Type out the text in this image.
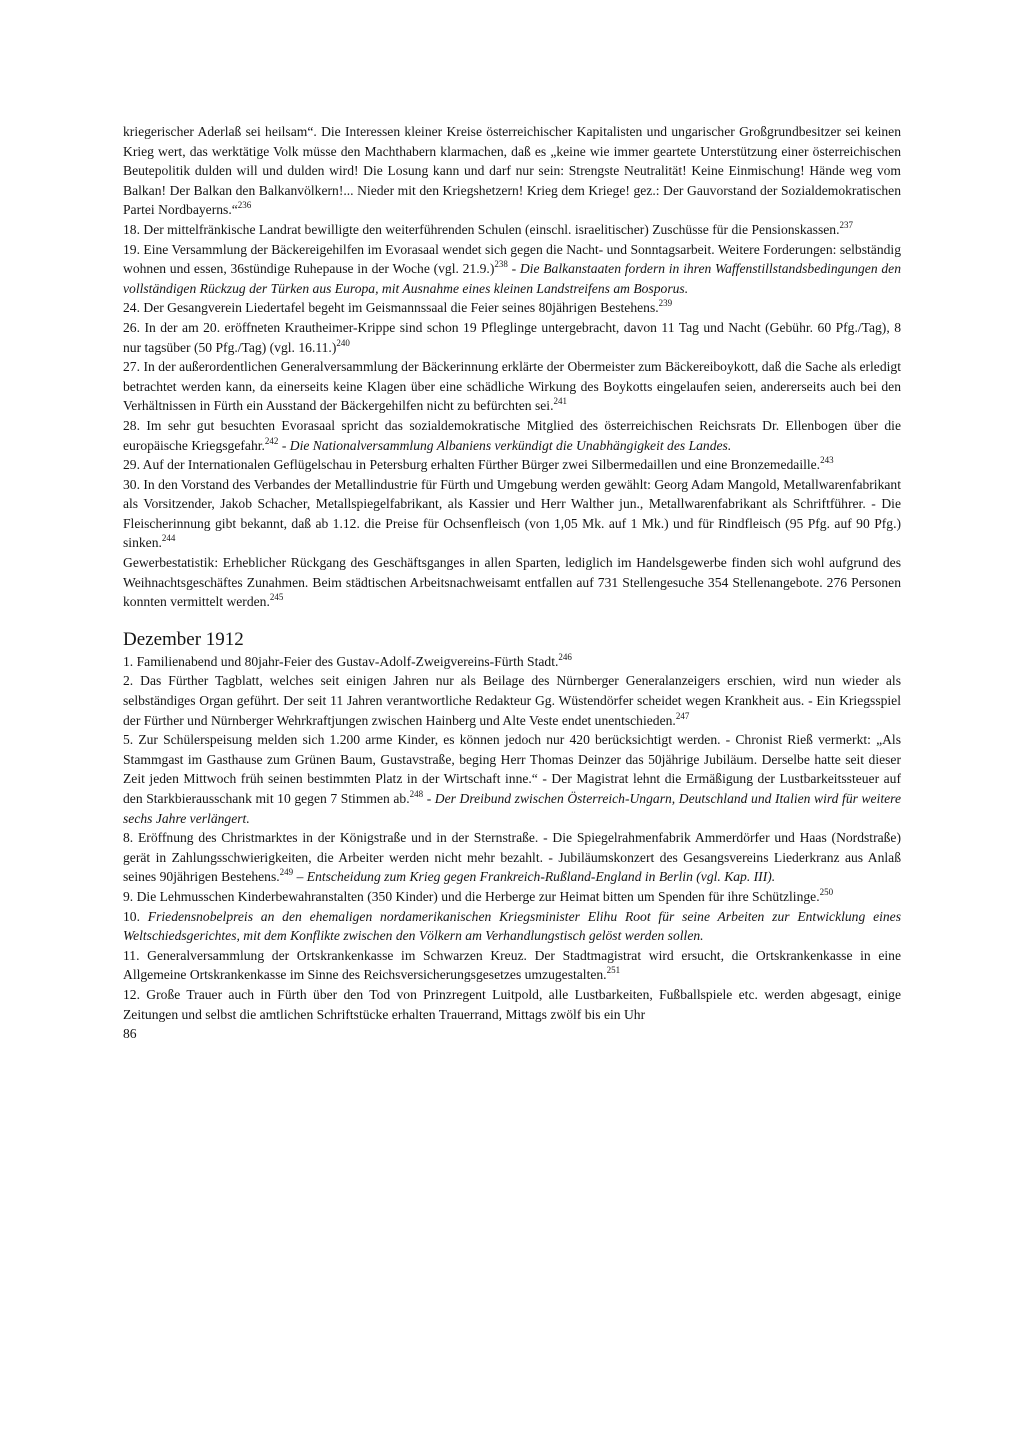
kriegerischer Aderlaß sei heilsam“. Die Interessen kleiner Kreise österreichischer Kapitalisten und ungarischer Großgrundbesitzer sei keinen Krieg wert, das werktätige Volk müsse den Machthabern klarmachen, daß es „keine wie immer geartete Unterstützung einer österreichischen Beutepolitik dulden will und dulden wird! Die Losung kann und darf nur sein: Strengste Neutralität! Keine Einmischung! Hände weg vom Balkan! Der Balkan den Balkanvölkern!... Nieder mit den Kriegshetzern! Krieg dem Kriege! gez.: Der Gauvorstand der Sozialdemokratischen Partei Nordbayerns.“$^{236}$

18. Der mittelfränkische Landrat bewilligte den weiterführenden Schulen (einschl. israelitischer) Zuschüsse für die Pensionskassen.$^{237}$

19. Eine Versammlung der Bäckereigehilfen im Evorasaal wendet sich gegen die Nacht- und Sonntagsarbeit. Weitere Forderungen: selbständig wohnen und essen, 36stündige Ruhepause in der Woche (vgl. 21.9.)$^{238}$ - Die Balkanstaaten fordern in ihren Waffenstillstandsbedingungen den vollständigen Rückzug der Türken aus Europa, mit Ausnahme eines kleinen Landstreifens am Bosporus.

24. Der Gesangverein Liedertafel begeht im Geismannssaal die Feier seines 80jährigen Bestehens.$^{239}$

26. In der am 20. eröffneten Krautheimer-Krippe sind schon 19 Pfleglinge untergebracht, davon 11 Tag und Nacht (Gebühr. 60 Pfg./Tag), 8 nur tagsüber (50 Pfg./Tag) (vgl. 16.11.)$^{240}$

27. In der außerordentlichen Generalversammlung der Bäckerinnung erklärte der Obermeister zum Bäckereiboykott, daß die Sache als erledigt betrachtet werden kann, da einerseits keine Klagen über eine schädliche Wirkung des Boykotts eingelaufen seien, andererseits auch bei den Verhältnissen in Fürth ein Ausstand der Bäckergehilfen nicht zu befürchten sei.$^{241}$

28. Im sehr gut besuchten Evorasaal spricht das sozialdemokratische Mitglied des österreichischen Reichsrats Dr. Ellenbogen über die europäische Kriegsgefahr.$^{242}$ - Die Nationalversammlung Albaniens verkündigt die Unabhängigkeit des Landes.

29. Auf der Internationalen Geflügelschau in Petersburg erhalten Fürther Bürger zwei Silbermedaillen und eine Bronzemedaille.$^{243}$

30. In den Vorstand des Verbandes der Metallindustrie für Fürth und Umgebung werden gewählt: Georg Adam Mangold, Metallwarenfabrikant als Vorsitzender, Jakob Schacher, Metallspiegelfabrikant, als Kassier und Herr Walther jun., Metallwarenfabrikant als Schriftführer. - Die Fleischerinnung gibt bekannt, daß ab 1.12. die Preise für Ochsenfleisch (von 1,05 Mk. auf 1 Mk.) und für Rindfleisch (95 Pfg. auf 90 Pfg.) sinken.$^{244}$

Gewerbestatistik: Erheblicher Rückgang des Geschäftsganges in allen Sparten, lediglich im Handelsgewerbe finden sich wohl aufgrund des Weihnachtsgeschäftes Zunahmen. Beim städtischen Arbeitsnachweisamt entfallen auf 731 Stellengesuche 354 Stellenangebote. 276 Personen konnten vermittelt werden.$^{245}$

Dezember 1912

1. Familienabend und 80jahr-Feier des Gustav-Adolf-Zweigvereins-Fürth Stadt.$^{246}$

2. Das Fürther Tagblatt, welches seit einigen Jahren nur als Beilage des Nürnberger Generalanzeigers erschien, wird nun wieder als selbständiges Organ geführt. Der seit 11 Jahren verantwortliche Redakteur Gg. Wüstendörfer scheidet wegen Krankheit aus. - Ein Kriegsspiel der Fürther und Nürnberger Wehrkraftjungen zwischen Hainberg und Alte Veste endet unentschieden.$^{247}$

5. Zur Schülerspeisung melden sich 1.200 arme Kinder, es können jedoch nur 420 berücksichtigt werden. - Chronist Rieß vermerkt: „Als Stammgast im Gasthause zum Grünen Baum, Gustavstraße, beging Herr Thomas Deinzer das 50jährige Jubiläum. Derselbe hatte seit dieser Zeit jeden Mittwoch früh seinen bestimmten Platz in der Wirtschaft inne.“ - Der Magistrat lehnt die Ermäßigung der Lustbarkeitssteuer auf den Starkbierausschank mit 10 gegen 7 Stimmen ab.$^{248}$ - Der Dreibund zwischen Österreich-Ungarn, Deutschland und Italien wird für weitere sechs Jahre verlängert.

8. Eröffnung des Christmarktes in der Königstraße und in der Sternstraße. - Die Spiegelrahmenfabrik Ammerdörfer und Haas (Nordstraße) gerät in Zahlungsschwierigkeiten, die Arbeiter werden nicht mehr bezahlt. - Jubiläumskonzert des Gesangsvereins Liederkranz aus Anlaß seines 90jährigen Bestehens.$^{249}$ – Entscheidung zum Krieg gegen Frankreich-Rußland-England in Berlin (vgl. Kap. III).

9. Die Lehmusschen Kinderbewahranstalten (350 Kinder) und die Herberge zur Heimat bitten um Spenden für ihre Schützlinge.$^{250}$

10. Friedensnobelpreis an den ehemaligen nordamerikanischen Kriegsminister Elihu Root für seine Arbeiten zur Entwicklung eines Weltschiedsgerichtes, mit dem Konflikte zwischen den Völkern am Verhandlungstisch gelöst werden sollen.

11. Generalversammlung der Ortskrankenkasse im Schwarzen Kreuz. Der Stadtmagistrat wird ersucht, die Ortskrankenkasse in eine Allgemeine Ortskrankenkasse im Sinne des Reichsversicherungsgesetzes umzugestalten.$^{251}$

12. Große Trauer auch in Fürth über den Tod von Prinzregent Luitpold, alle Lustbarkeiten, Fußballspiele etc. werden abgesagt, einige Zeitungen und selbst die amtlichen Schriftstücke erhalten Trauerrand, Mittags zwölf bis ein Uhr

86
